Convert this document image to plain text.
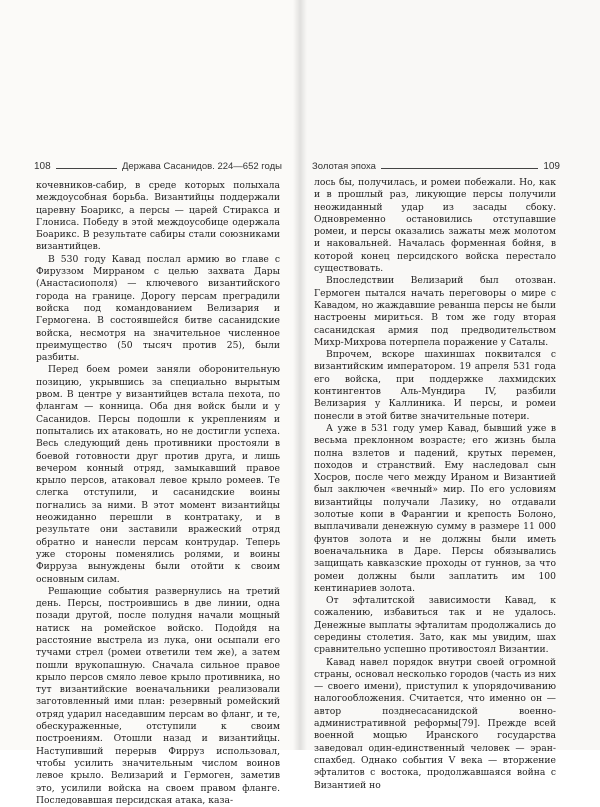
108	Держава Сасанидов. 224—652 годы

кочевников-сабир, в среде которых полыхала междоусобная борьба. Византийцы поддержали царевну Боарикс, а персы — царей Стиракса и Глониса. Победу в этой междоусобице одержала Боарикс. В результате сабиры стали союзниками византийцев.

В 530 году Кавад послал армию во главе с Фируззом Мирраном с целью захвата Дары (Анастасиополя) — ключевого византийского города на границе. Дорогу персам преградили войска под командованием Велизария и Гермогена. В состоявшейся битве сасанидские войска, несмотря на значительное численное преимущество (50 тысяч против 25), были разбиты.

Перед боем ромеи заняли оборонительную позицию, укрывшись за специально вырытым рвом. В центре у византийцев встала пехота, по флангам — конница. Оба дня войск были и у Сасанидов. Персы подошли к укреплениям и попытались их атаковать, но не достигли успеха. Весь следующий день противники простояли в боевой готовности друг против друга, и лишь вечером конный отряд, замыкавший правое крыло персов, атаковал левое крыло ромеев. Те слегка отступили, и сасанидские воины погнались за ними. В этот момент византийцы неожиданно перешли в контратаку, и в результате они заставили вражеский отряд обратно и нанесли персам контрудар. Теперь уже стороны поменялись ролями, и воины Фирруза вынуждены были отойти к своим основным силам.

Решающие события развернулись на третий день. Персы, построившись в две линии, одна позади другой, после полудня начали мощный натиск на ромейское войско. Подойдя на расстояние выстрела из лука, они осыпали его тучами стрел (ромеи ответили тем же), а затем пошли врукопашную. Сначала сильное правое крыло персов смяло левое крыло противника, но тут византийские военачальники реализовали заготовленный ими план: резервный ромейский отряд ударил наседавшим персам во фланг, и те, обескураженные, отступили к своим построениям. Отошли назад и византийцы. Наступивший перерыв Фирруз использовал, чтобы усилить значительным числом воинов левое крыло. Велизарий и Гермоген, заметив это, усилили войска на своем правом фланге. Последовавшая персидская атака, каза-

Золотая эпоха	109

лось бы, получилась, и ромеи побежали. Но, как и в прошлый раз, ликующие персы получили неожиданный удар из засады сбоку. Одновременно остановились отступавшие ромеи, и персы оказались зажаты меж молотом и наковальней. Началась форменная бойня, в которой конец персидского войска перестало существовать.

Впоследствии Велизарий был отозван. Гермоген пытался начать переговоры о мире с Кавадом, но жаждавшие реванша персы не были настроены мириться. В том же году вторая сасанидская армия под предводительством Михр-Михрова потерпела поражение у Саталы.

Впрочем, вскоре шахиншах поквитался с византийским императором. 19 апреля 531 года его войска, при поддержке лахмидских контингентов Аль-Мундира IV, разбили Велизария у Каллиника. И персы, и ромеи понесли в этой битве значительные потери.

А уже в 531 году умер Кавад, бывший уже в весьма преклонном возрасте; его жизнь была полна взлетов и падений, крутых перемен, походов и странствий. Ему наследовал сын Хосров, после чего между Ираном и Византией был заключен «вечный» мир. По его условиям византийцы получали Лазику, но отдавали золотые копи в Фарангии и крепость Болоно, выплачивали денежную сумму в размере 11 000 фунтов золота и не должны были иметь военачальника в Даре. Персы обязывались защищать кавказские проходы от гуннов, за что ромеи должны были заплатить им 100 кентинариев золота.

От эфталитской зависимости Кавад, к сожалению, избавиться так и не удалось. Денежные выплаты эфталитам продолжались до середины столетия. Зато, как мы увидим, шах сравнительно успешно противостоял Византии.

Кавад навел порядок внутри своей огромной страны, основал несколько городов (часть из них — своего имени), приступил к упорядочиванию налогообложения. Считается, что именно он — автор позднесасанидской военно-административной реформы[79]. Прежде всей военной мощью Иранского государства заведовал один-единственный человек — эран-спахбед. Однако события V века — вторжение эфталитов с востока, продолжавшаяся война с Византией но
